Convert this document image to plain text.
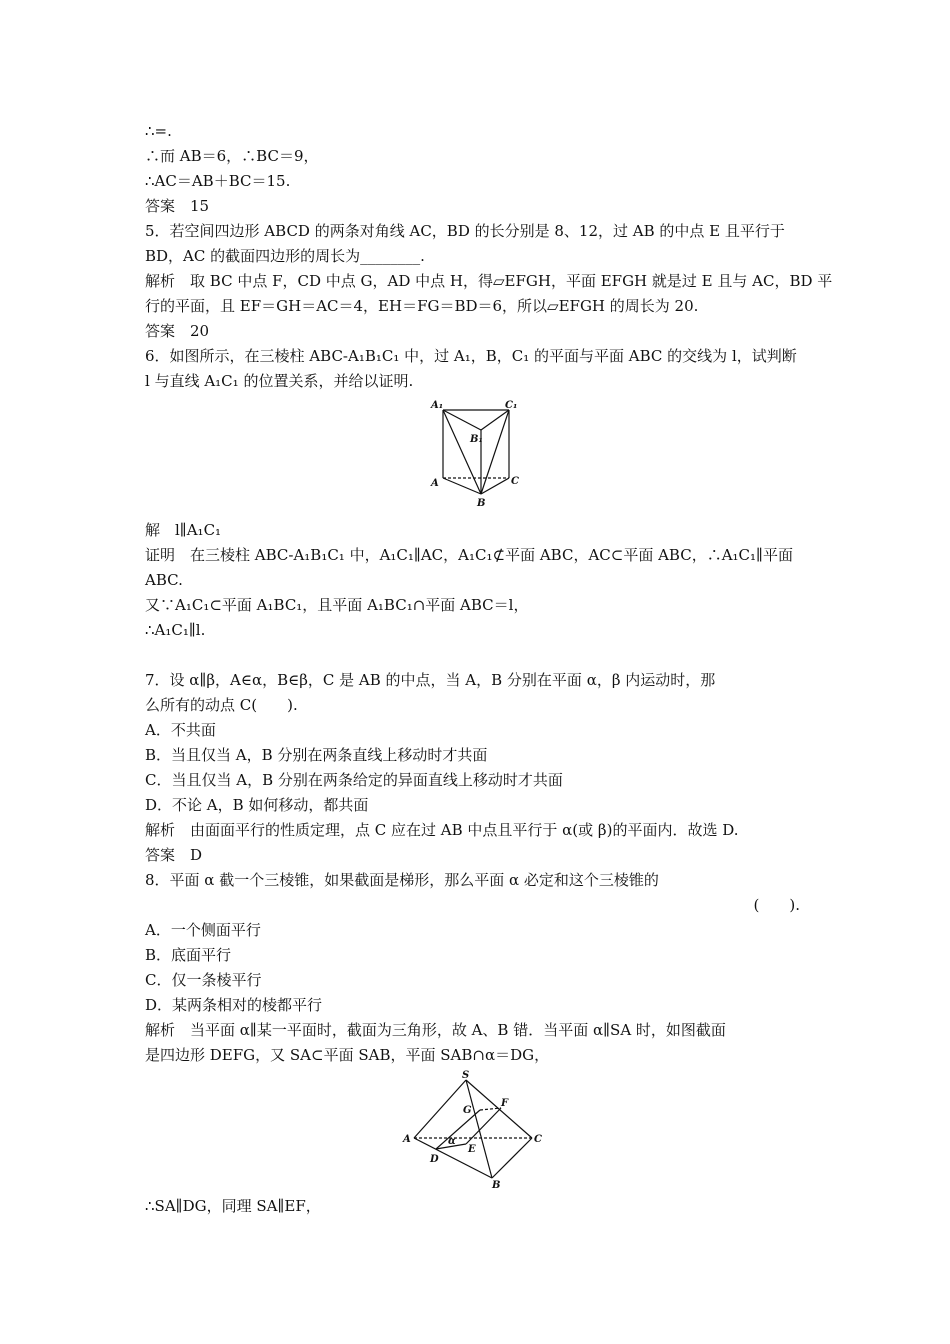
∴=.
∴而 AB＝6，∴BC＝9，
∴AC＝AB＋BC＝15.
答案　15
5．若空间四边形 ABCD 的两条对角线 AC，BD 的长分别是 8、12，过 AB 的中点 E 且平行于
BD，AC 的截面四边形的周长为________.
解析　取 BC 中点 F，CD 中点 G，AD 中点 H，得▱EFGH，平面 EFGH 就是过 E 且与 AC，BD 平
行的平面，且 EF＝GH＝AC＝4，EH＝FG＝BD＝6，所以▱EFGH 的周长为 20.
答案　20
6．如图所示，在三棱柱 ABC-A₁B₁C₁ 中，过 A₁，B，C₁ 的平面与平面 ABC 的交线为 l，试判断
l 与直线 A₁C₁ 的位置关系，并给以证明.
A₁	C₁
B₁
A	C
B
解　l∥A₁C₁
证明　在三棱柱 ABC-A₁B₁C₁ 中，A₁C₁∥AC，A₁C₁⊄平面 ABC，AC⊂平面 ABC，∴A₁C₁∥平面
ABC.
又∵A₁C₁⊂平面 A₁BC₁，且平面 A₁BC₁∩平面 ABC＝l，
∴A₁C₁∥l.
7．设 α∥β，A∈α，B∈β，C 是 AB 的中点，当 A，B 分别在平面 α，β 内运动时，那
么所有的动点 C(　　).
A．不共面
B．当且仅当 A，B 分别在两条直线上移动时才共面
C．当且仅当 A，B 分别在两条给定的异面直线上移动时才共面
D．不论 A，B 如何移动，都共面
解析　由面面平行的性质定理，点 C 应在过 AB 中点且平行于 α(或 β)的平面内．故选 D.
答案　D
8．平面 α 截一个三棱锥，如果截面是梯形，那么平面 α 必定和这个三棱锥的
(　　).
A．一个侧面平行
B．底面平行
C．仅一条棱平行
D．某两条相对的棱都平行
解析　当平面 α∥某一平面时，截面为三角形，故 A、B 错．当平面 α∥SA 时，如图截面
是四边形 DEFG，又 SA⊂平面 SAB，平面 SAB∩α＝DG，
S
G
F
A	α
E
C
D
B
∴SA∥DG，同理 SA∥EF，
